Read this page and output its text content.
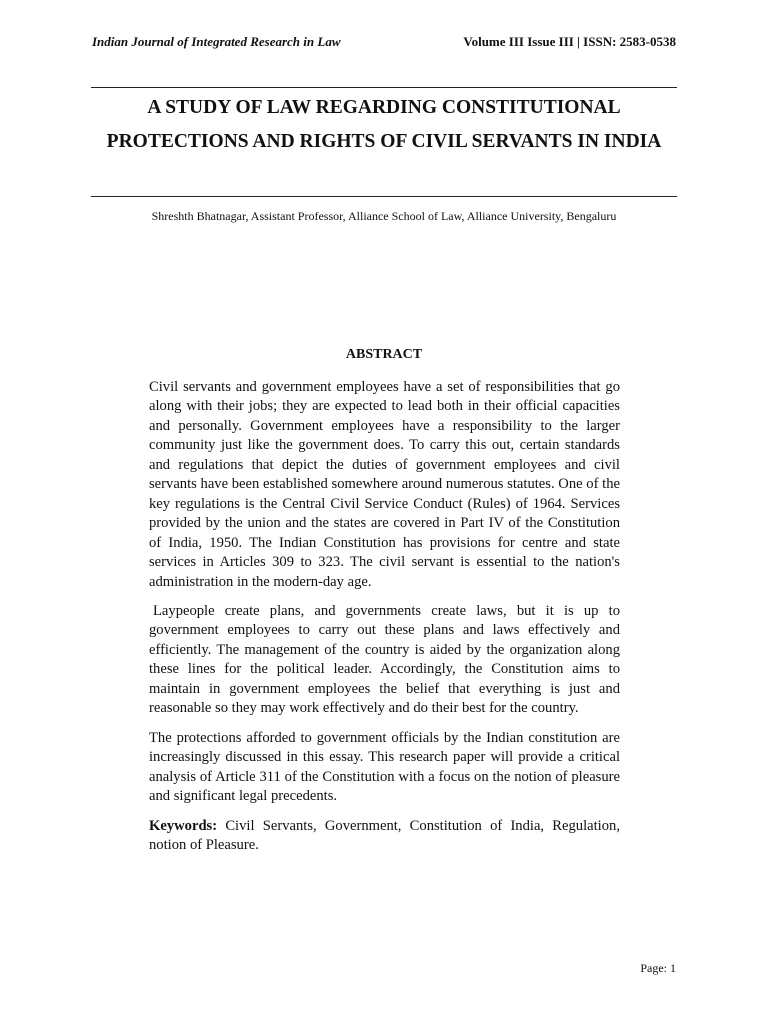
Indian Journal of Integrated Research in Law	Volume III Issue III | ISSN: 2583-0538
A STUDY OF LAW REGARDING CONSTITUTIONAL PROTECTIONS AND RIGHTS OF CIVIL SERVANTS IN INDIA
Shreshth Bhatnagar, Assistant Professor, Alliance School of Law, Alliance University, Bengaluru
ABSTRACT

Civil servants and government employees have a set of responsibilities that go along with their jobs; they are expected to lead both in their official capacities and personally. Government employees have a responsibility to the larger community just like the government does. To carry this out, certain standards and regulations that depict the duties of government employees and civil servants have been established somewhere around numerous statutes. One of the key regulations is the Central Civil Service Conduct (Rules) of 1964. Services provided by the union and the states are covered in Part IV of the Constitution of India, 1950. The Indian Constitution has provisions for centre and state services in Articles 309 to 323. The civil servant is essential to the nation's administration in the modern-day age.

Laypeople create plans, and governments create laws, but it is up to government employees to carry out these plans and laws effectively and efficiently. The management of the country is aided by the organization along these lines for the political leader. Accordingly, the Constitution aims to maintain in government employees the belief that everything is just and reasonable so they may work effectively and do their best for the country.

The protections afforded to government officials by the Indian constitution are increasingly discussed in this essay. This research paper will provide a critical analysis of Article 311 of the Constitution with a focus on the notion of pleasure and significant legal precedents.

Keywords: Civil Servants, Government, Constitution of India, Regulation, notion of Pleasure.

Page: 1
